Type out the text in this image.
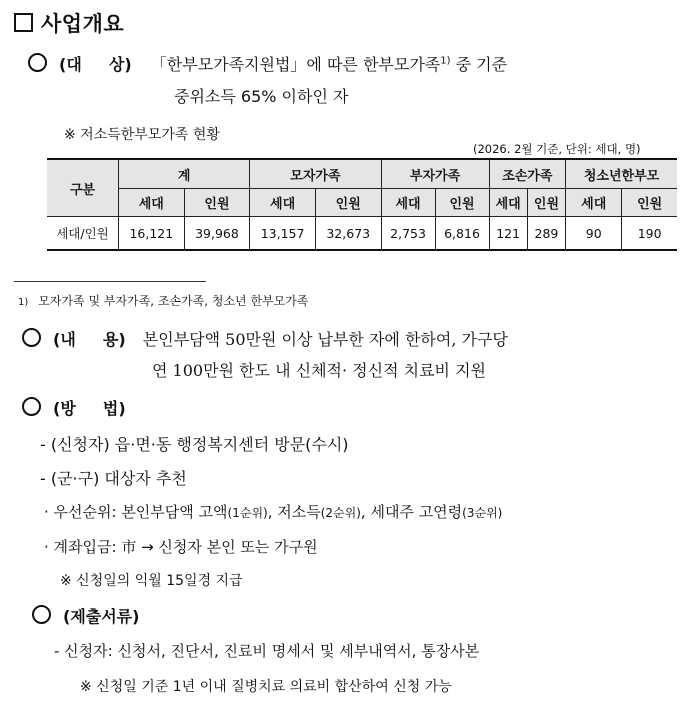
사업개요
(대 　 상) 「한부모가족지원법」에 따른 한부모가족$^{1)}$ 중 기준
중위소득 65% 이하인 자
※ 저소득한부모가족 현황
(2026. 2월 기준, 단위: 세대, 명)
구분	계		모자가족		부자가족		조손가족		청소년한부모	
	세대	인원	세대	인원	세대	인원	세대	인원	세대	인원
세대/인원	16,121	39,968	13,157	32,673	2,753	6,816	121	289	90	190
1) 모자가족 및 부자가족, 조손가족, 청소년 한부모가족
(내 　 용) 본인부담액 50만원 이상 납부한 자에 한하여, 가구당
연 100만원 한도 내 신체적· 정신적 치료비 지원
(방 　 법)
- (신청자) 읍·면·동 행정복지센터 방문(수시)
- (군·구) 대상자 추천
· 우선순위: 본인부담액 고액(1순위), 저소득(2순위), 세대주 고연령(3순위)
· 계좌입금: 市 → 신청자 본인 또는 가구원
※ 신청일의 익월 15일경 지급
(제출서류)
- 신청자: 신청서, 진단서, 진료비 명세서 및 세부내역서, 통장사본
※ 신청일 기준 1년 이내 질병치료 의료비 합산하여 신청 가능
